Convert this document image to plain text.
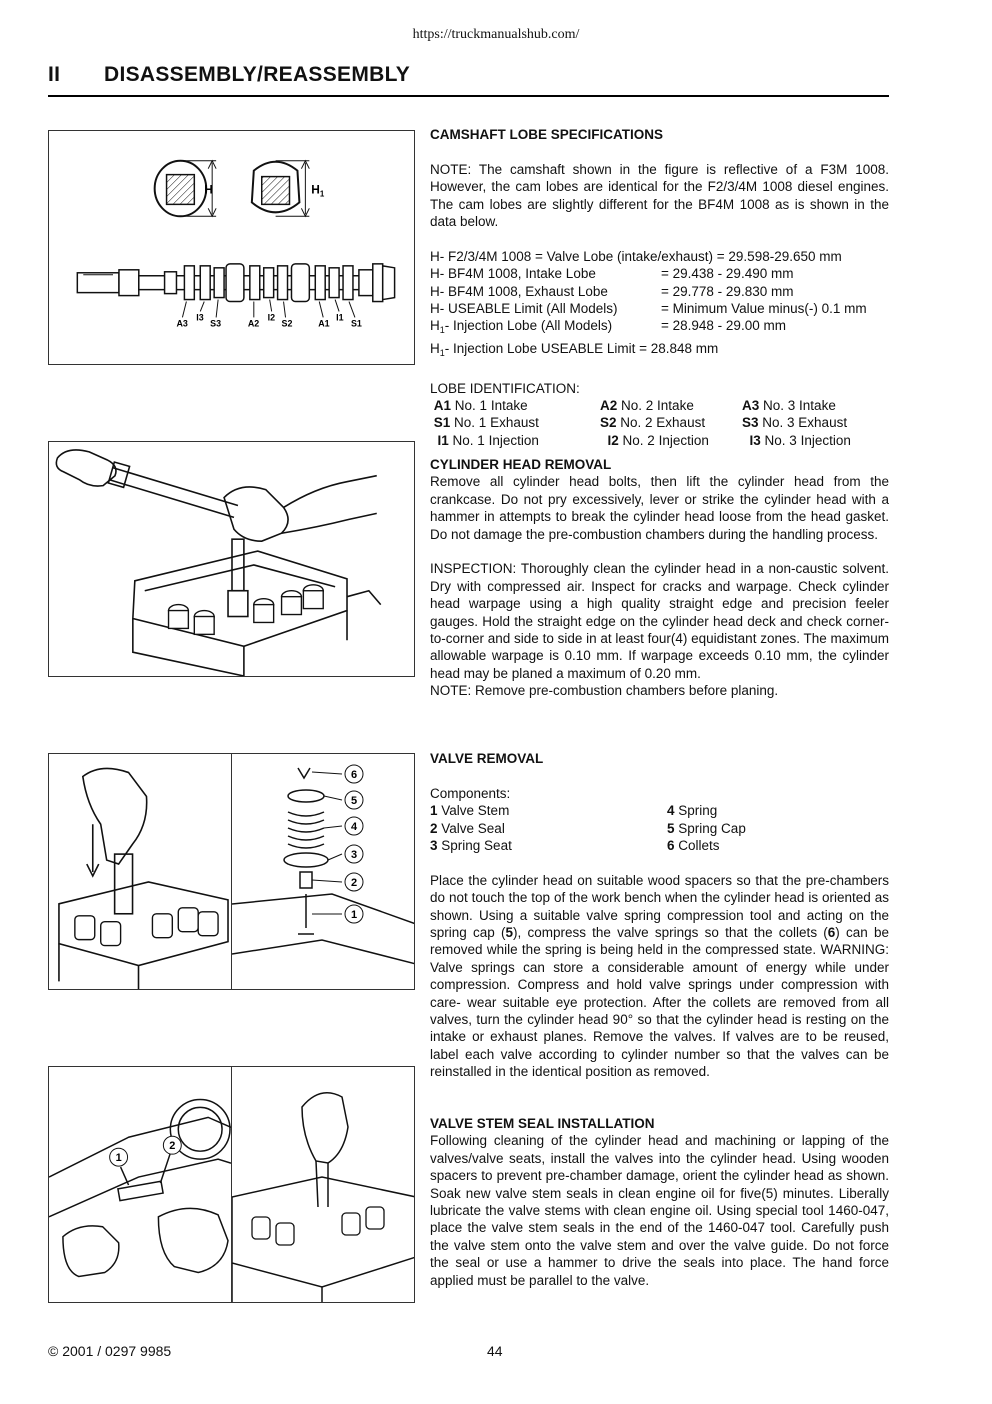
https://truckmanualshub.com/
II DISASSEMBLY/REASSEMBLY
H	$H_1$
A3
I3
S3	A2
I2
S2	A1
I1
S1
6
5
4
3
2
1
1
2
CAMSHAFT LOBE SPECIFICATIONS

NOTE: The camshaft shown in the figure is reflective of a F3M 1008. However, the cam lobes are identical for the F2/3/4M 1008 diesel engines. The cam lobes are slightly different for the BF4M 1008 as is shown in the data below.

H- F2/3/4M 1008 = Valve Lobe (intake/exhaust) = 29.598-29.650 mm
H- BF4M 1008, Intake Lobe	= 29.438 - 29.490 mm
H- BF4M 1008, Exhaust Lobe	= 29.778 - 29.830 mm
H- USEABLE Limit (All Models)	= Minimum Value minus(-) 0.1 mm
$H_1-$ Injection Lobe (All Models)	= 28.948 - 29.00 mm
$H_1-$ Injection Lobe USEABLE Limit = 28.848 mm
LOBE IDENTIFICATION:
A1 No. 1 Intake	A2 No. 2 Intake	A3 No. 3 Intake
S1 No. 1 Exhaust	S2 No. 2 Exhaust	S3 No. 3 Exhaust
I1 No. 1 Injection	I2 No. 2 Injection	I3 No. 3 Injection
CYLINDER HEAD REMOVAL

Remove all cylinder head bolts, then lift the cylinder head from the crankcase. Do not pry excessively, lever or strike the cylinder head with a hammer in attempts to break the cylinder head loose from the head gasket. Do not damage the pre-combustion chambers during the handling process.

INSPECTION: Thoroughly clean the cylinder head in a non-caustic solvent. Dry with compressed air. Inspect for cracks and warpage. Check cylinder head warpage using a high quality straight edge and precision feeler gauges. Hold the straight edge on the cylinder head deck and check corner-to-corner and side to side in at least four(4) equidistant zones. The maximum allowable warpage is 0.10 mm. If warpage exceeds 0.10 mm, the cylinder head may be planed a maximum of 0.20 mm.

NOTE: Remove pre-combustion chambers before planing.

VALVE REMOVAL
Components:
1 Valve Stem	4 Spring
2 Valve Seal	5 Spring Cap
3 Spring Seat	6 Collets

Place the cylinder head on suitable wood spacers so that the pre-chambers do not touch the top of the work bench when the cylinder head is oriented as shown. Using a suitable valve spring compression tool and acting on the spring cap (5), compress the valve springs so that the collets (6) can be removed while the spring is being held in the compressed state. WARNING: Valve springs can store a considerable amount of energy while under compression. Compress and hold valve springs under compression with care- wear suitable eye protection. After the collets are removed from all valves, turn the cylinder head 90° so that the cylinder head is resting on the intake or exhaust planes. Remove the valves. If valves are to be reused, label each valve according to cylinder number so that the valves can be reinstalled in the identical position as removed.

VALVE STEM SEAL INSTALLATION

Following cleaning of the cylinder head and machining or lapping of the valves/valve seats, install the valves into the cylinder head. Using wooden spacers to prevent pre-chamber damage, orient the cylinder head as shown. Soak new valve stem seals in clean engine oil for five(5) minutes. Liberally lubricate the valve stems with clean engine oil. Using special tool 1460-047, place the valve stem seals in the end of the 1460-047 tool. Carefully push the valve stem onto the valve stem and over the valve guide. Do not force the seal or use a hammer to drive the seals into place. The hand force applied must be parallel to the valve.

© 2001 / 0297 9985	44
